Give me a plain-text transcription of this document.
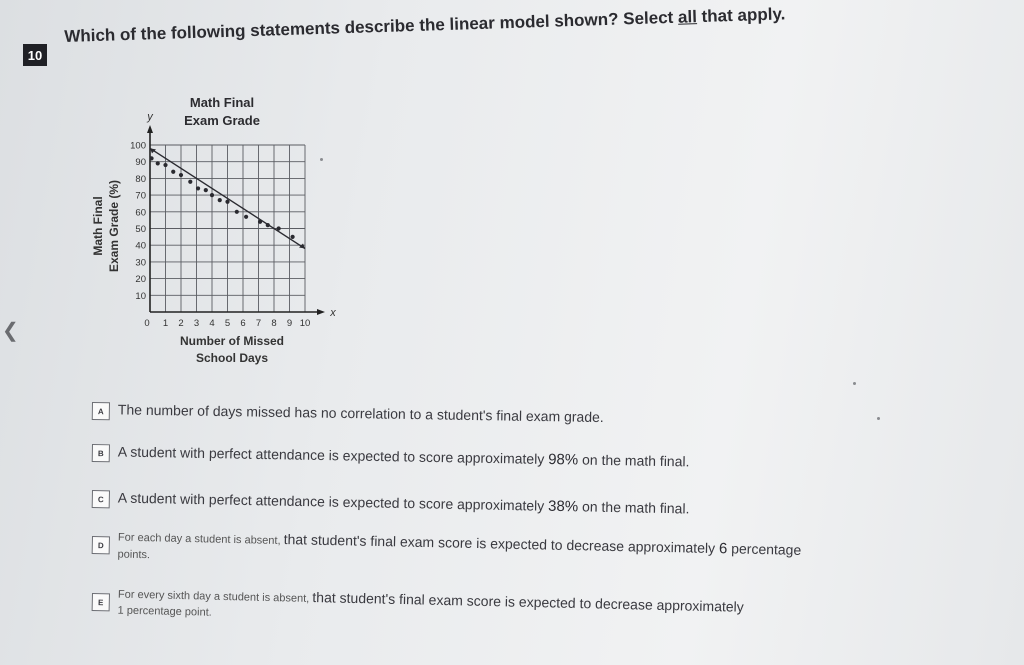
❮
10
Which of the following statements describe the linear model shown? Select all that apply.
Math Final
Exam Grade
y
x
Math Final Exam Grade (%)
Number of Missed
School Days
10
20
30
40
50
60
70
80
90
100
0 1 2 3 4 5 6 7 8 9 10
A The number of days missed has no correlation to a student's final exam grade.
B A student with perfect attendance is expected to score approximately 98% on the math final.
C A student with perfect attendance is expected to score approximately 38% on the math final.
D	For each day a student is absent, that student's final exam score is expected to decrease approximately 6 percentage
points.
E	For every sixth day a student is absent, that student's final exam score is expected to decrease approximately
1 percentage point.
